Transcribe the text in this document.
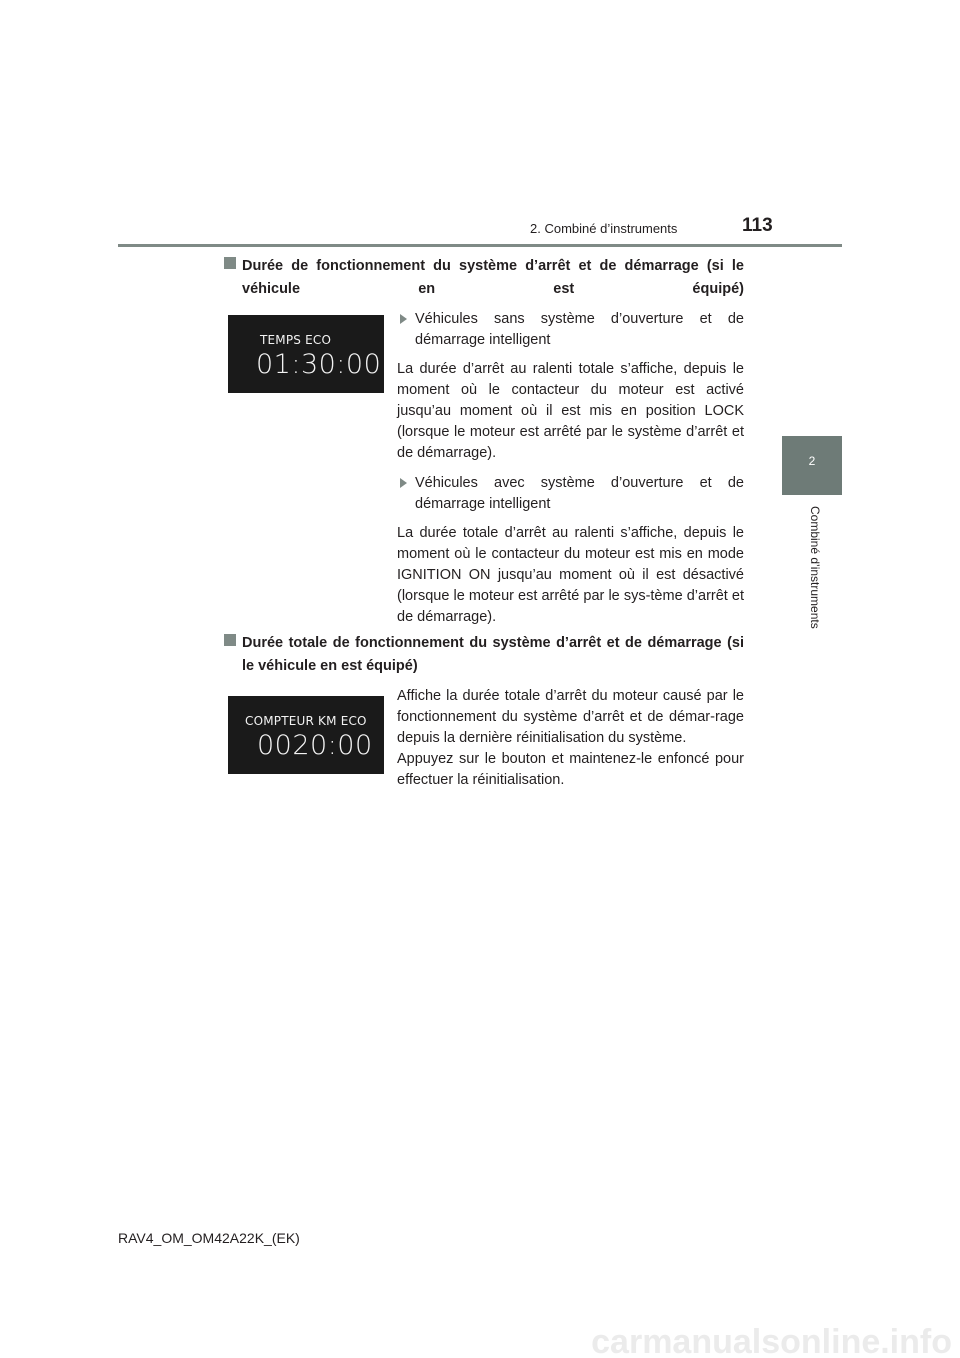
2. Combiné d’instruments	113
2
Combiné d’instruments
Durée de fonctionnement du système d’arrêt et de démarrage (si le véhicule en est équipé)
TEMPS ECO
01:30:00
Véhicules sans système d’ouverture et de
démarrage intelligent

La durée d’arrêt au ralenti totale s’affiche, depuis le moment où le contacteur du moteur est activé jusqu’au moment où il est mis en position LOCK (lorsque le moteur est arrêté par le système d’arrêt et de démarrage).

Véhicules avec système d’ouverture et de
démarrage intelligent

La durée totale d’arrêt au ralenti s’affiche, depuis le moment où le contacteur du moteur est mis en mode IGNITION ON jusqu’au moment où il est désactivé (lorsque le moteur est arrêté par le sys-tème d’arrêt et de démarrage).

Durée totale de fonctionnement du système d’arrêt et de démarrage (si le véhicule en est équipé)
COMPTEUR KM ECO
0020:00

Affiche la durée totale d’arrêt du moteur causé par le fonctionnement du système d’arrêt et de démar-rage depuis la dernière réinitialisation du système.

Appuyez sur le bouton et maintenez-le enfoncé pour effectuer la réinitialisation.

RAV4_OM_OM42A22K_(EK)
carmanualsonline.info
